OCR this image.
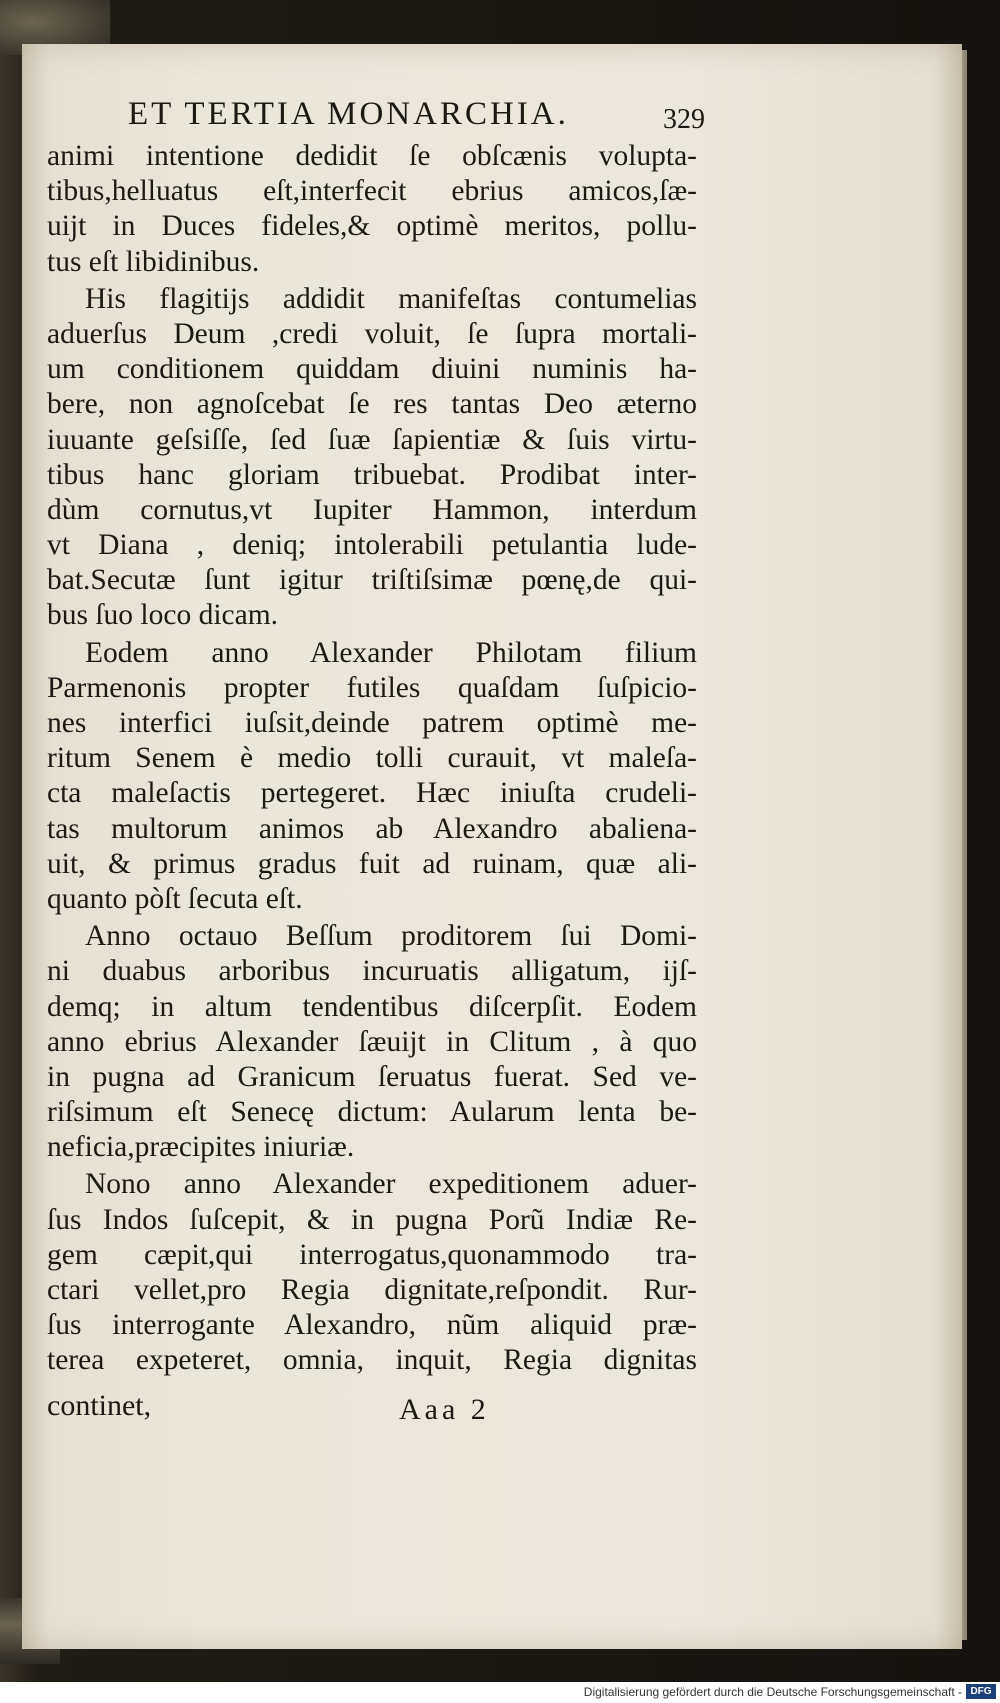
ET TERTIA MONARCHIA.	329
animi intentione dedidit ſe obſcænis volupta-
tibus,helluatus eſt,interfecit ebrius amicos,ſæ-
uijt in Duces fideles,& optimè meritos, pollu-
tus eſt libidinibus.
His flagitijs addidit manifeſtas contumelias
aduerſus Deum ,credi voluit, ſe ſupra mortali-
um conditionem quiddam diuini numinis ha-
bere, non agnoſcebat ſe res tantas Deo æterno
iuuante geſsiſſe, ſed ſuæ ſapientiæ & ſuis virtu-
tibus hanc gloriam tribuebat. Prodibat inter-
dùm cornutus,vt Iupiter Hammon, interdum
vt Diana , deniq; intolerabili petulantia lude-
bat.Secutæ ſunt igitur triſtiſsimæ pœnę,de qui-
bus ſuo loco dicam.
Eodem anno Alexander Philotam filium
Parmenonis propter futiles quaſdam ſuſpicio-
nes interfici iuſsit,deinde patrem optimè me-
ritum Senem è medio tolli curauit, vt maleſa-
cta maleſactis pertegeret. Hæc iniuſta crudeli-
tas multorum animos ab Alexandro abaliena-
uit, & primus gradus fuit ad ruinam, quæ ali-
quanto pòſt ſecuta eſt.
Anno octauo Beſſum proditorem ſui Domi-
ni duabus arboribus incuruatis alligatum, ijſ-
demq; in altum tendentibus diſcerpſit. Eodem
anno ebrius Alexander ſæuijt in Clitum , à quo
in pugna ad Granicum ſeruatus fuerat. Sed ve-
riſsimum eſt Senecę dictum: Aularum lenta be-
neficia,præcipites iniuriæ.
Nono anno Alexander expeditionem aduer-
ſus Indos ſuſcepit, & in pugna Porũ Indiæ Re-
gem cæpit,qui interrogatus,quonammodo tra-
ctari vellet,pro Regia dignitate,reſpondit. Rur-
ſus interrogante Alexandro, nũm aliquid præ-
terea expeteret, omnia, inquit, Regia dignitas
continet,	Aaa 2
Digitalisierung gefördert durch die Deutsche Forschungsgemeinschaft - DFG
